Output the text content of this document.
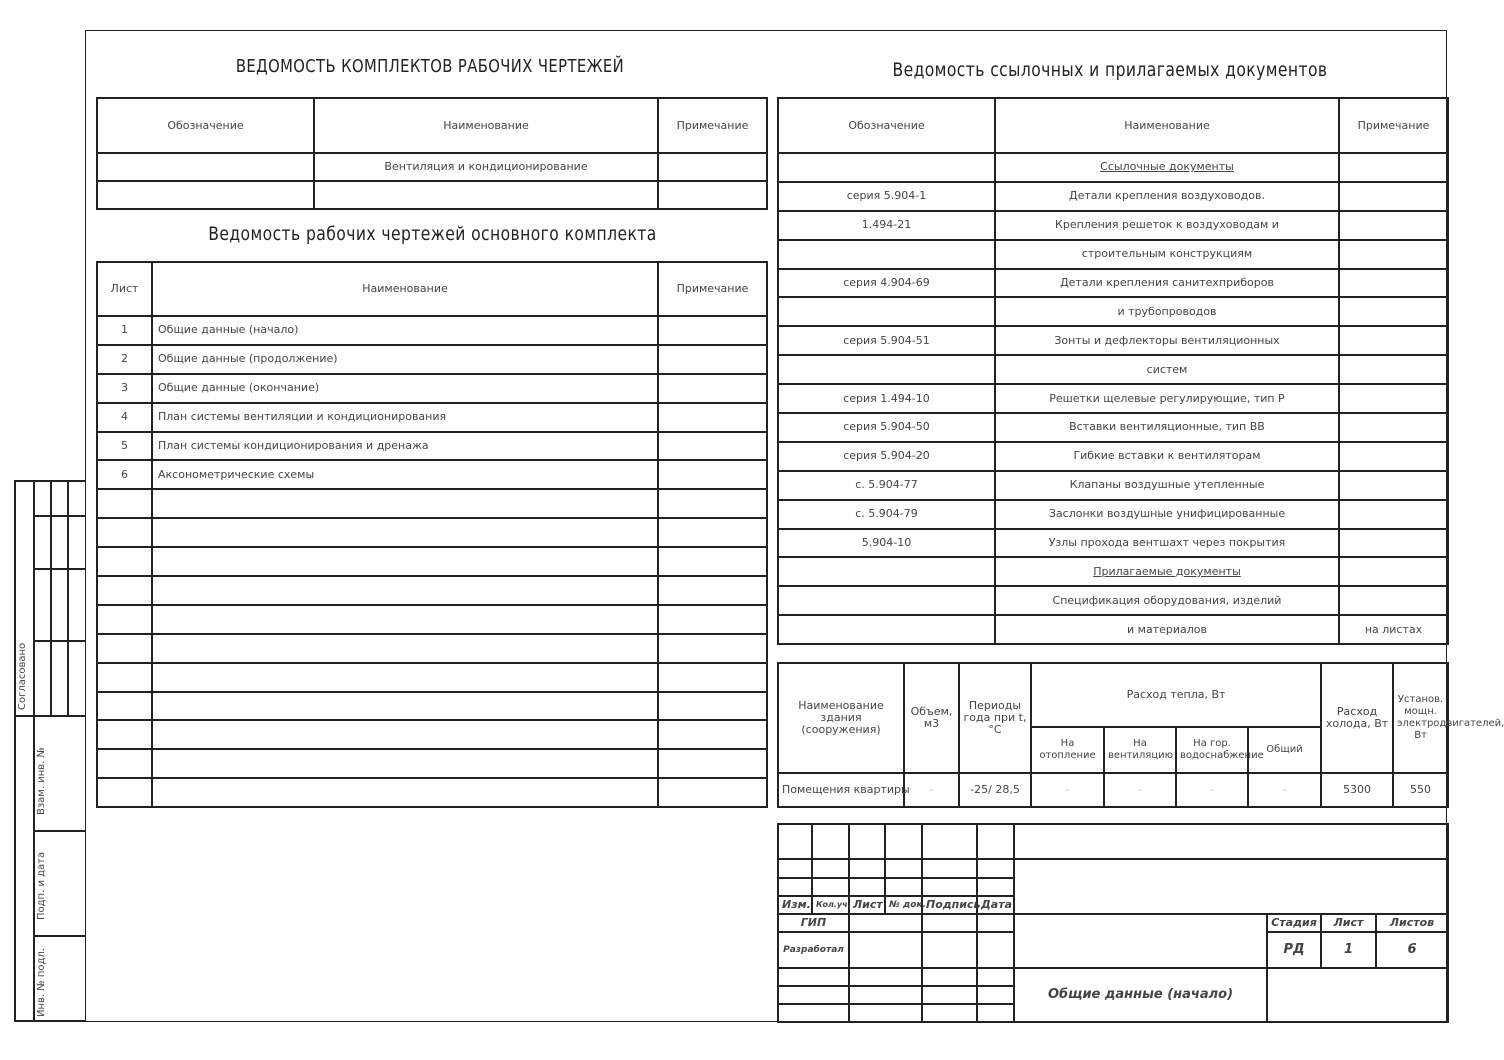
Согласовано
Взам. инв. №
Подп. и дата
Инв. № подл.
ВЕДОМОСТЬ КОМПЛЕКТОВ РАБОЧИХ ЧЕРТЕЖЕЙ
Ведомость рабочих чертежей основного комплекта
Ведомость ссылочных и прилагаемых документов
Обозначение	Наименование	Примечание
	Вентиляция и кондиционирование	

Лист	Наименование	Примечание
1	Общие данные (начало)	
2	Общие данные (продолжение)	
3	Общие данные (окончание)	
4	План системы вентиляции и кондиционирования	
5	План системы кондиционирования и дренажа	
6	Аксонометрические схемы	

Обозначение	Наименование	Примечание
	Ссылочные документы	
серия 5.904-1	Детали крепления воздуховодов.	
1.494-21	Крепления решеток к воздуховодам и	
	строительным конструкциям	
серия 4.904-69	Детали крепления санитехприборов	
	и трубопроводов	
серия 5.904-51	Зонты и дефлекторы вентиляционных	
	систем	
серия 1.494-10	Решетки щелевые регулирующие, тип Р	
серия 5.904-50	Вставки вентиляционные, тип ВВ	
серия 5.904-20	Гибкие вставки к вентиляторам	
с. 5.904-77	Клапаны воздушные утепленные	
с. 5.904-79	Заслонки воздушные унифицированные	
5.904-10	Узлы прохода вентшахт через покрытия	
	Прилагаемые документы	
	Спецификация оборудования, изделий	
	и материалов	на листах
Наименование здания (сооружения)	Объем, м3	Периоды года при t, °C	Расход тепла, Вт				Расход холода, Вт	Установ. мощн. электродвигателей, Вт
			На отопление	На вентиляцию	На гор. водоснабжение	Общий		
Помещения квартиры	-	-25/ 28,5	-	-	-	-	5300	550

Изм.	Кол.уч.	Лист	№ док.	Подпись	Дата				
ГИП							Стадия	Лист	Листов
Разработал							РД	1	6

						Общие данные (начало)			
